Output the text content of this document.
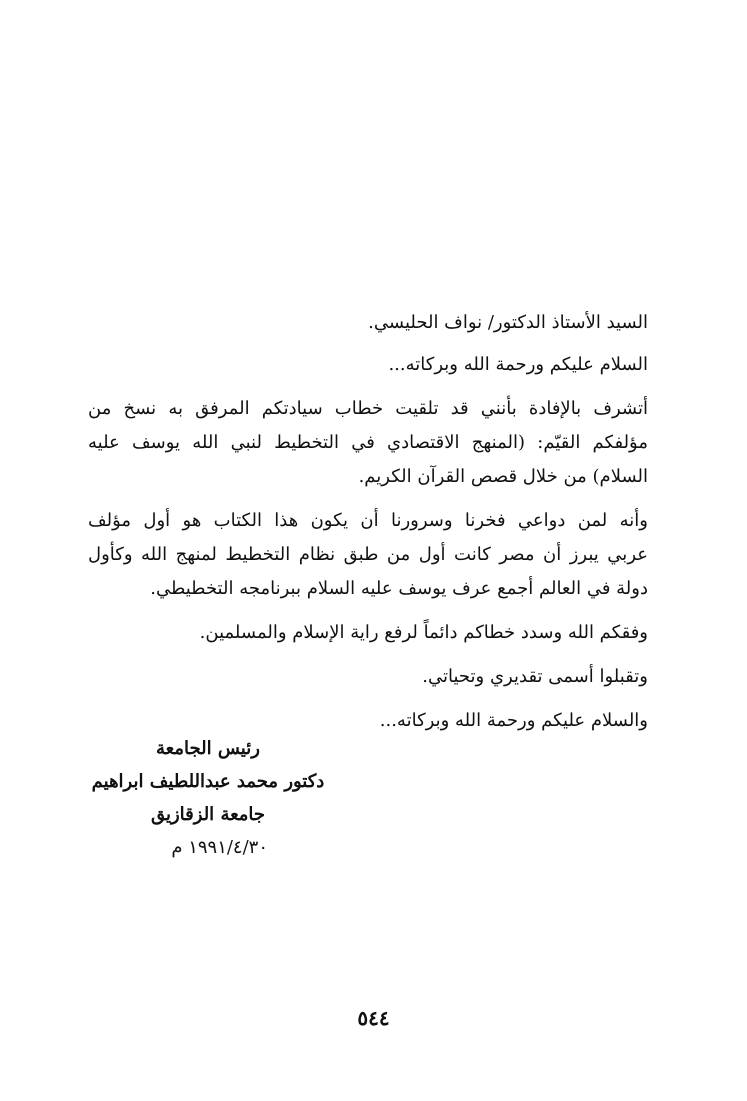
السيد الأستاذ الدكتور/ نواف الحليسي.

السلام عليكم ورحمة الله وبركاته...

أتشرف بالإفادة بأنني قد تلقيت خطاب سيادتكم المرفق به نسخ من

مؤلفكم القيّم: (المنهج الاقتصادي في التخطيط لنبي الله يوسف عليه

السلام) من خلال قصص القرآن الكريم.

وأنه لمن دواعي فخرنا وسرورنا أن يكون هذا الكتاب هو أول مؤلف

عربي يبرز أن مصر كانت أول من طبق نظام التخطيط لمنهج الله وكأول

دولة في العالم أجمع عرف يوسف عليه السلام ببرنامجه التخطيطي.

وفقكم الله وسدد خطاكم دائماً لرفع راية الإسلام والمسلمين.

وتقبلوا أسمى تقديري وتحياتي.

والسلام عليكم ورحمة الله وبركاته...

رئيس الجامعة
دكتور محمد عبداللطيف ابراهيم
جامعة الزقازيق
١٩٩١/٤/٣٠ م
٥٤٤
